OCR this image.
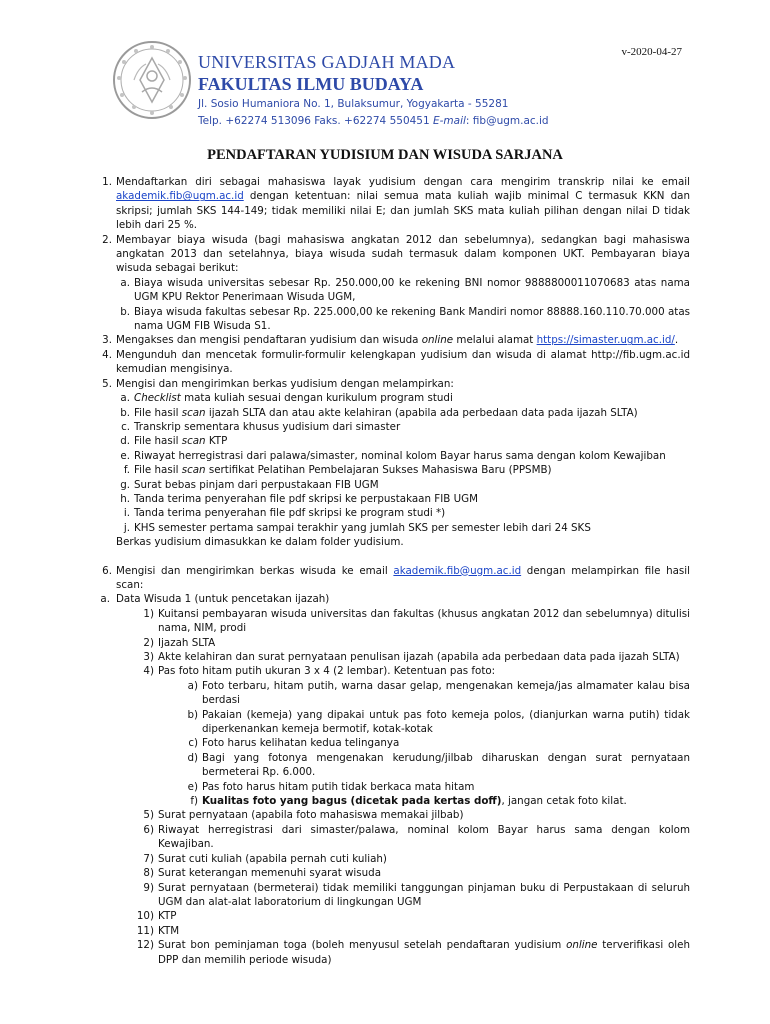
v-2020-04-27
UNIVERSITAS GADJAH MADA
FAKULTAS ILMU BUDAYA
Jl. Sosio Humaniora No. 1, Bulaksumur, Yogyakarta - 55281
Telp. +62274 513096 Faks. +62274 550451 E-mail: fib@ugm.ac.id
PENDAFTARAN YUDISIUM DAN WISUDA SARJANA
1. Mendaftarkan diri sebagai mahasiswa layak yudisium dengan cara mengirim transkrip nilai ke email akademik.fib@ugm.ac.id dengan ketentuan: nilai semua mata kuliah wajib minimal C termasuk KKN dan skripsi; jumlah SKS 144-149; tidak memiliki nilai E; dan jumlah SKS mata kuliah pilihan dengan nilai D tidak lebih dari 25 %.
2. Membayar biaya wisuda (bagi mahasiswa angkatan 2012 dan sebelumnya), sedangkan bagi mahasiswa angkatan 2013 dan setelahnya, biaya wisuda sudah termasuk dalam komponen UKT. Pembayaran biaya wisuda sebagai berikut:
a. Biaya wisuda universitas sebesar Rp. 250.000,00 ke rekening BNI nomor 9888800011070683 atas nama UGM KPU Rektor Penerimaan Wisuda UGM,
b. Biaya wisuda fakultas sebesar Rp. 225.000,00 ke rekening Bank Mandiri nomor 88888.160.110.70.000 atas nama UGM FIB Wisuda S1.
3. Mengakses dan mengisi pendaftaran yudisium dan wisuda online melalui alamat https://simaster.ugm.ac.id/.
4. Mengunduh dan mencetak formulir-formulir kelengkapan yudisium dan wisuda di alamat http://fib.ugm.ac.id kemudian mengisinya.
5. Mengisi dan mengirimkan berkas yudisium dengan melampirkan:
a. Checklist mata kuliah sesuai dengan kurikulum program studi
b. File hasil scan ijazah SLTA dan atau akte kelahiran (apabila ada perbedaan data pada ijazah SLTA)
c. Transkrip sementara khusus yudisium dari simaster
d. File hasil scan KTP
e. Riwayat herregistrasi dari palawa/simaster, nominal kolom Bayar harus sama dengan kolom Kewajiban
f. File hasil scan sertifikat Pelatihan Pembelajaran Sukses Mahasiswa Baru (PPSMB)
g. Surat bebas pinjam dari perpustakaan FIB UGM
h. Tanda terima penyerahan file pdf skripsi ke perpustakaan FIB UGM
i. Tanda terima penyerahan file pdf skripsi ke program studi *)
j. KHS semester pertama sampai terakhir yang jumlah SKS per semester lebih dari 24 SKS
Berkas yudisium dimasukkan ke dalam folder yudisium.
6. Mengisi dan mengirimkan berkas wisuda ke email akademik.fib@ugm.ac.id dengan melampirkan file hasil scan:
a. Data Wisuda 1 (untuk pencetakan ijazah)
1) Kuitansi pembayaran wisuda universitas dan fakultas (khusus angkatan 2012 dan sebelumnya) ditulisi nama, NIM, prodi
2) Ijazah SLTA
3) Akte kelahiran dan surat pernyataan penulisan ijazah (apabila ada perbedaan data pada ijazah SLTA)
4) Pas foto hitam putih ukuran 3 x 4 (2 lembar). Ketentuan pas foto:
a) Foto terbaru, hitam putih, warna dasar gelap, mengenakan kemeja/jas almamater kalau bisa berdasi
b) Pakaian (kemeja) yang dipakai untuk pas foto kemeja polos, (dianjurkan warna putih) tidak diperkenankan kemeja bermotif, kotak-kotak
c) Foto harus kelihatan kedua telinganya
d) Bagi yang fotonya mengenakan kerudung/jilbab diharuskan dengan surat pernyataan bermeterai Rp. 6.000.
e) Pas foto harus hitam putih tidak berkaca mata hitam
f) Kualitas foto yang bagus (dicetak pada kertas doff), jangan cetak foto kilat.
5) Surat pernyataan (apabila foto mahasiswa memakai jilbab)
6) Riwayat herregistrasi dari simaster/palawa, nominal kolom Bayar harus sama dengan kolom Kewajiban.
7) Surat cuti kuliah (apabila pernah cuti kuliah)
8) Surat keterangan memenuhi syarat wisuda
9) Surat pernyataan (bermeterai) tidak memiliki tanggungan pinjaman buku di Perpustakaan di seluruh UGM dan alat-alat laboratorium di lingkungan UGM
10) KTP
11) KTM
12) Surat bon peminjaman toga (boleh menyusul setelah pendaftaran yudisium online terverifikasi oleh DPP dan memilih periode wisuda)
